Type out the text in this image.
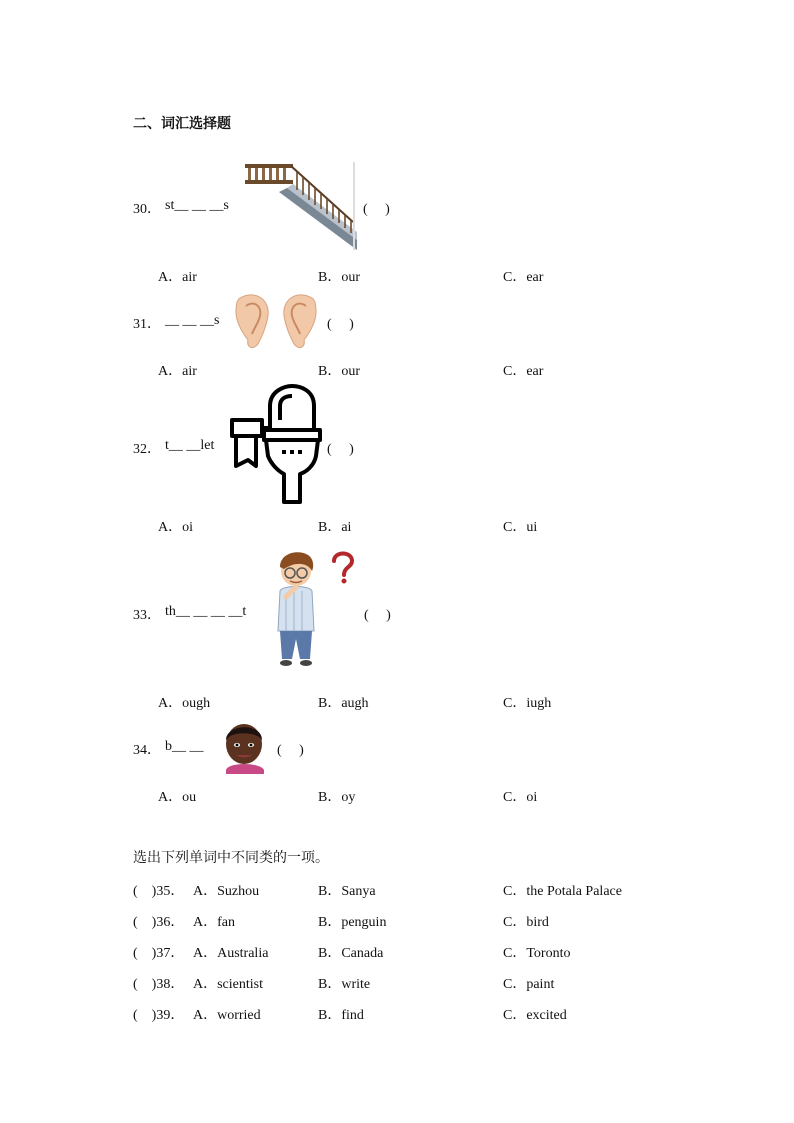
二、词汇选择题
30． st__ __ __s	(　 )
A．air	B．our	C．ear
31． __ __ __s	(　 )
A．air	B．our	C．ear
32． t__ __let	(　 )
A．oi	B．ai	C．ui
33． th__ __ __ __t	(　 )
A．ough	B．augh	C．iugh
34． b__ __	(　 )
A．ou	B．oy	C．oi
选出下列单词中不同类的一项。
(　)35． A．Suzhou	B．Sanya	C．the Potala Palace
(　)36． A．fan	B．penguin	C．bird
(　)37． A．Australia	B．Canada	C．Toronto
(　)38． A．scientist	B．write	C．paint
(　)39． A．worried	B．find	C．excited
